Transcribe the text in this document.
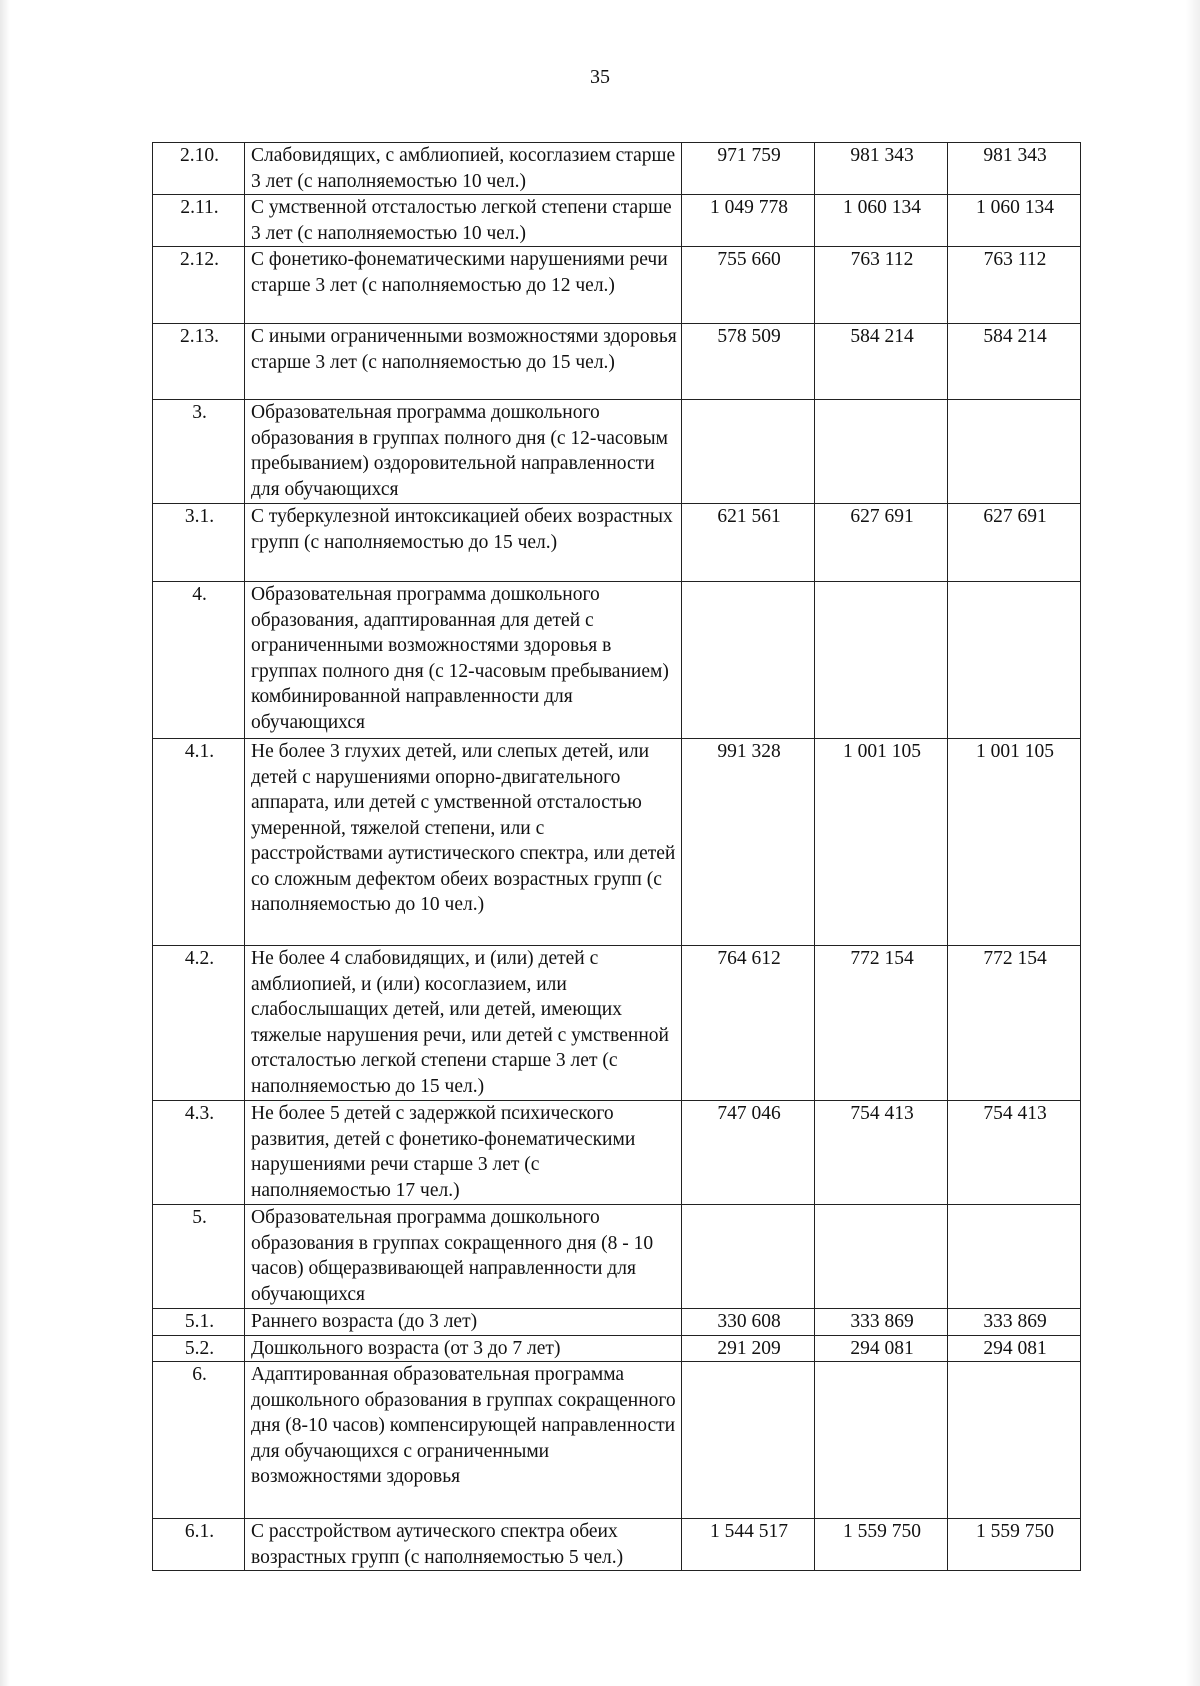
35
2.10.	Слабовидящих, с амблиопией, косоглазием старше 3 лет (с наполняемостью 10 чел.)	971 759	981 343	981 343
2.11.	С умственной отсталостью легкой степени старше 3 лет (с наполняемостью 10 чел.)	1 049 778	1 060 134	1 060 134
2.12.	С фонетико-фонематическими нарушениями речи старше 3 лет (с наполняемостью до 12 чел.)	755 660	763 112	763 112
2.13.	С иными ограниченными возможностями здоровья старше 3 лет (с наполняемостью до 15 чел.)	578 509	584 214	584 214
3.	Образовательная программа дошкольного образования в группах полного дня (с 12-часовым пребыванием) оздоровительной направленности для обучающихся			
3.1.	С туберкулезной интоксикацией обеих возрастных групп (с наполняемостью до 15 чел.)	621 561	627 691	627 691
4.	Образовательная программа дошкольного образования, адаптированная для детей с ограниченными возможностями здоровья в группах полного дня (с 12-часовым пребыванием) комбинированной направленности для обучающихся			
4.1.	Не более 3 глухих детей, или слепых детей, или детей с нарушениями опорно-двигательного аппарата, или детей с умственной отсталостью умеренной, тяжелой степени, или с расстройствами аутистического спектра, или детей со сложным дефектом обеих возрастных групп (с наполняемостью до 10 чел.)	991 328	1 001 105	1 001 105
4.2.	Не более 4 слабовидящих, и (или) детей с амблиопией, и (или) косоглазием, или слабослышащих детей, или детей, имеющих тяжелые нарушения речи, или детей с умственной отсталостью легкой степени старше 3 лет (с наполняемостью до 15 чел.)	764 612	772 154	772 154
4.3.	Не более 5 детей с задержкой психического развития, детей с фонетико-фонематическими нарушениями речи старше 3 лет (с наполняемостью 17 чел.)	747 046	754 413	754 413
5.	Образовательная программа дошкольного образования в группах сокращенного дня (8 - 10 часов) общеразвивающей направленности для обучающихся			
5.1.	Раннего возраста (до 3 лет)	330 608	333 869	333 869
5.2.	Дошкольного возраста (от 3 до 7 лет)	291 209	294 081	294 081
6.	Адаптированная образовательная программа дошкольного образования в группах сокращенного дня (8-10 часов) компенсирующей направленности для обучающихся с ограниченными возможностями здоровья			
6.1.	С расстройством аутического спектра обеих возрастных групп (с наполняемостью 5 чел.)	1 544 517	1 559 750	1 559 750
